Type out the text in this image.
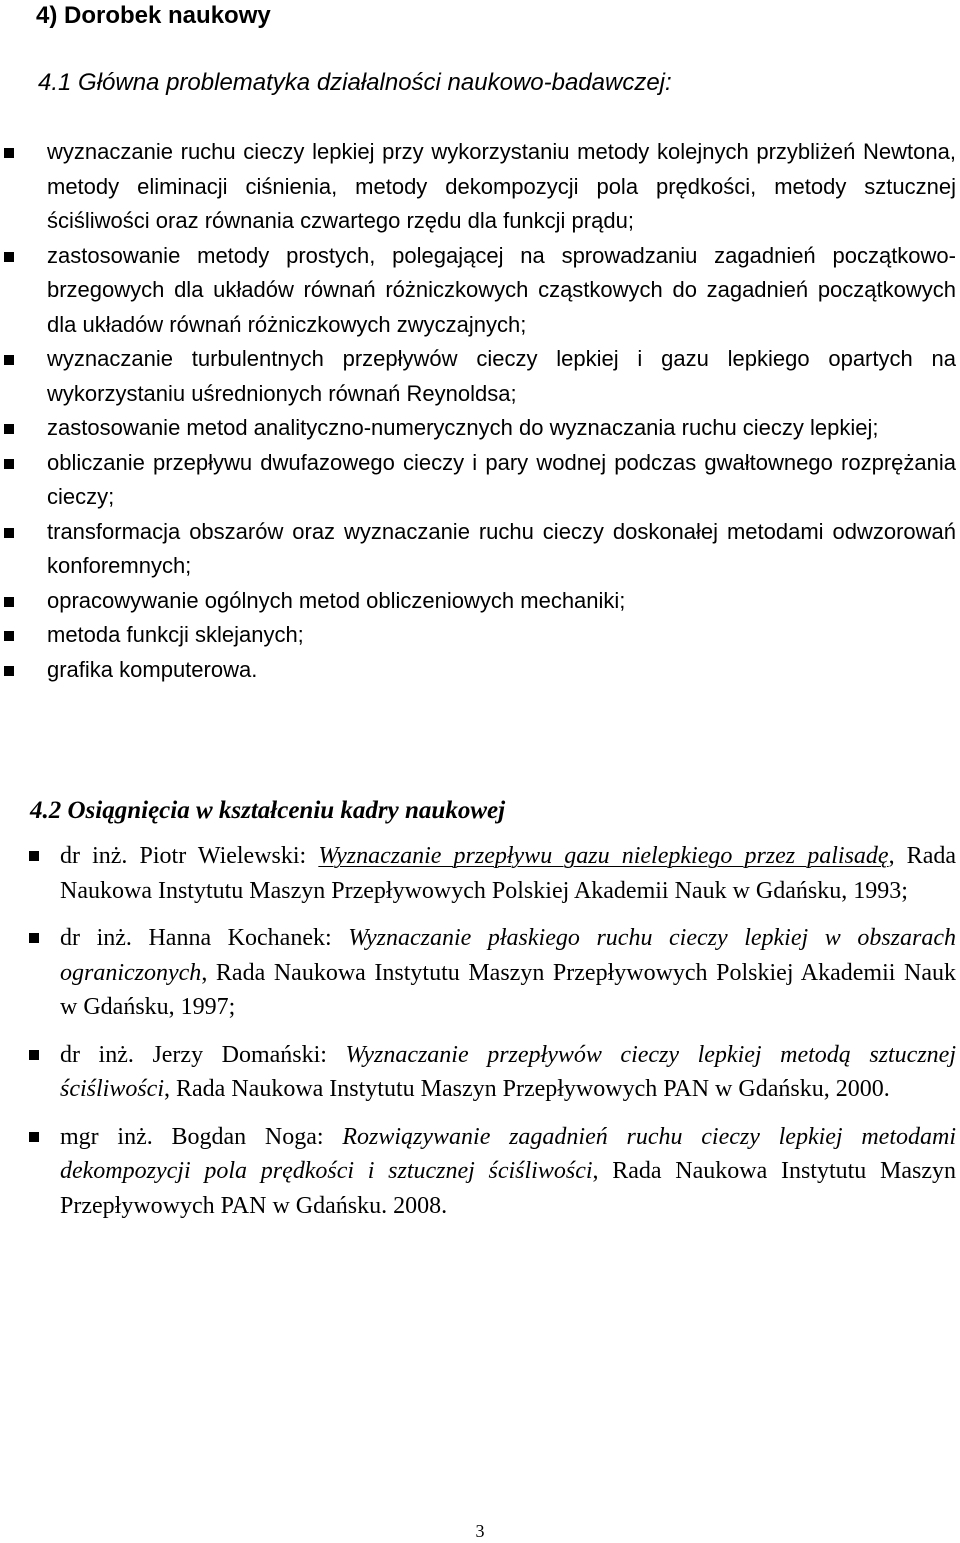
4) Dorobek naukowy
4.1 Główna problematyka działalności naukowo-badawczej:
wyznaczanie ruchu cieczy lepkiej przy wykorzystaniu metody kolejnych przybliżeń Newtona, metody eliminacji ciśnienia, metody dekompozycji pola prędkości, metody sztucznej ściśliwości oraz równania czwartego rzędu dla funkcji prądu;
zastosowanie metody prostych, polegającej na sprowadzaniu zagadnień początkowo-brzegowych dla układów równań różniczkowych cząstkowych do zagadnień początkowych dla układów równań różniczkowych zwyczajnych;
wyznaczanie turbulentnych przepływów cieczy lepkiej i gazu lepkiego opartych na wykorzystaniu uśrednionych równań Reynoldsa;
zastosowanie metod analityczno-numerycznych do wyznaczania ruchu cieczy lepkiej;
obliczanie przepływu dwufazowego cieczy i pary wodnej podczas gwałtownego rozprężania cieczy;
transformacja obszarów oraz wyznaczanie ruchu cieczy doskonałej metodami odwzorowań konforemnych;
opracowywanie ogólnych metod obliczeniowych mechaniki;
metoda funkcji sklejanych;
grafika komputerowa.
4.2 Osiągnięcia w kształceniu kadry naukowej
dr inż. Piotr Wielewski: Wyznaczanie przepływu gazu nielepkiego przez palisadę, Rada Naukowa Instytutu Maszyn Przepływowych Polskiej Akademii Nauk w Gdańsku, 1993;
dr inż. Hanna Kochanek: Wyznaczanie płaskiego ruchu cieczy lepkiej w obszarach ograniczonych, Rada Naukowa Instytutu Maszyn Przepływowych Polskiej Akademii Nauk w Gdańsku, 1997;
dr inż. Jerzy Domański: Wyznaczanie przepływów cieczy lepkiej metodą sztucznej ściśliwości, Rada Naukowa Instytutu Maszyn Przepływowych PAN w Gdańsku, 2000.
mgr inż. Bogdan Noga: Rozwiązywanie zagadnień ruchu cieczy lepkiej metodami dekompozycji pola prędkości i sztucznej ściśliwości, Rada Naukowa Instytutu Maszyn Przepływowych PAN w Gdańsku. 2008.
3
